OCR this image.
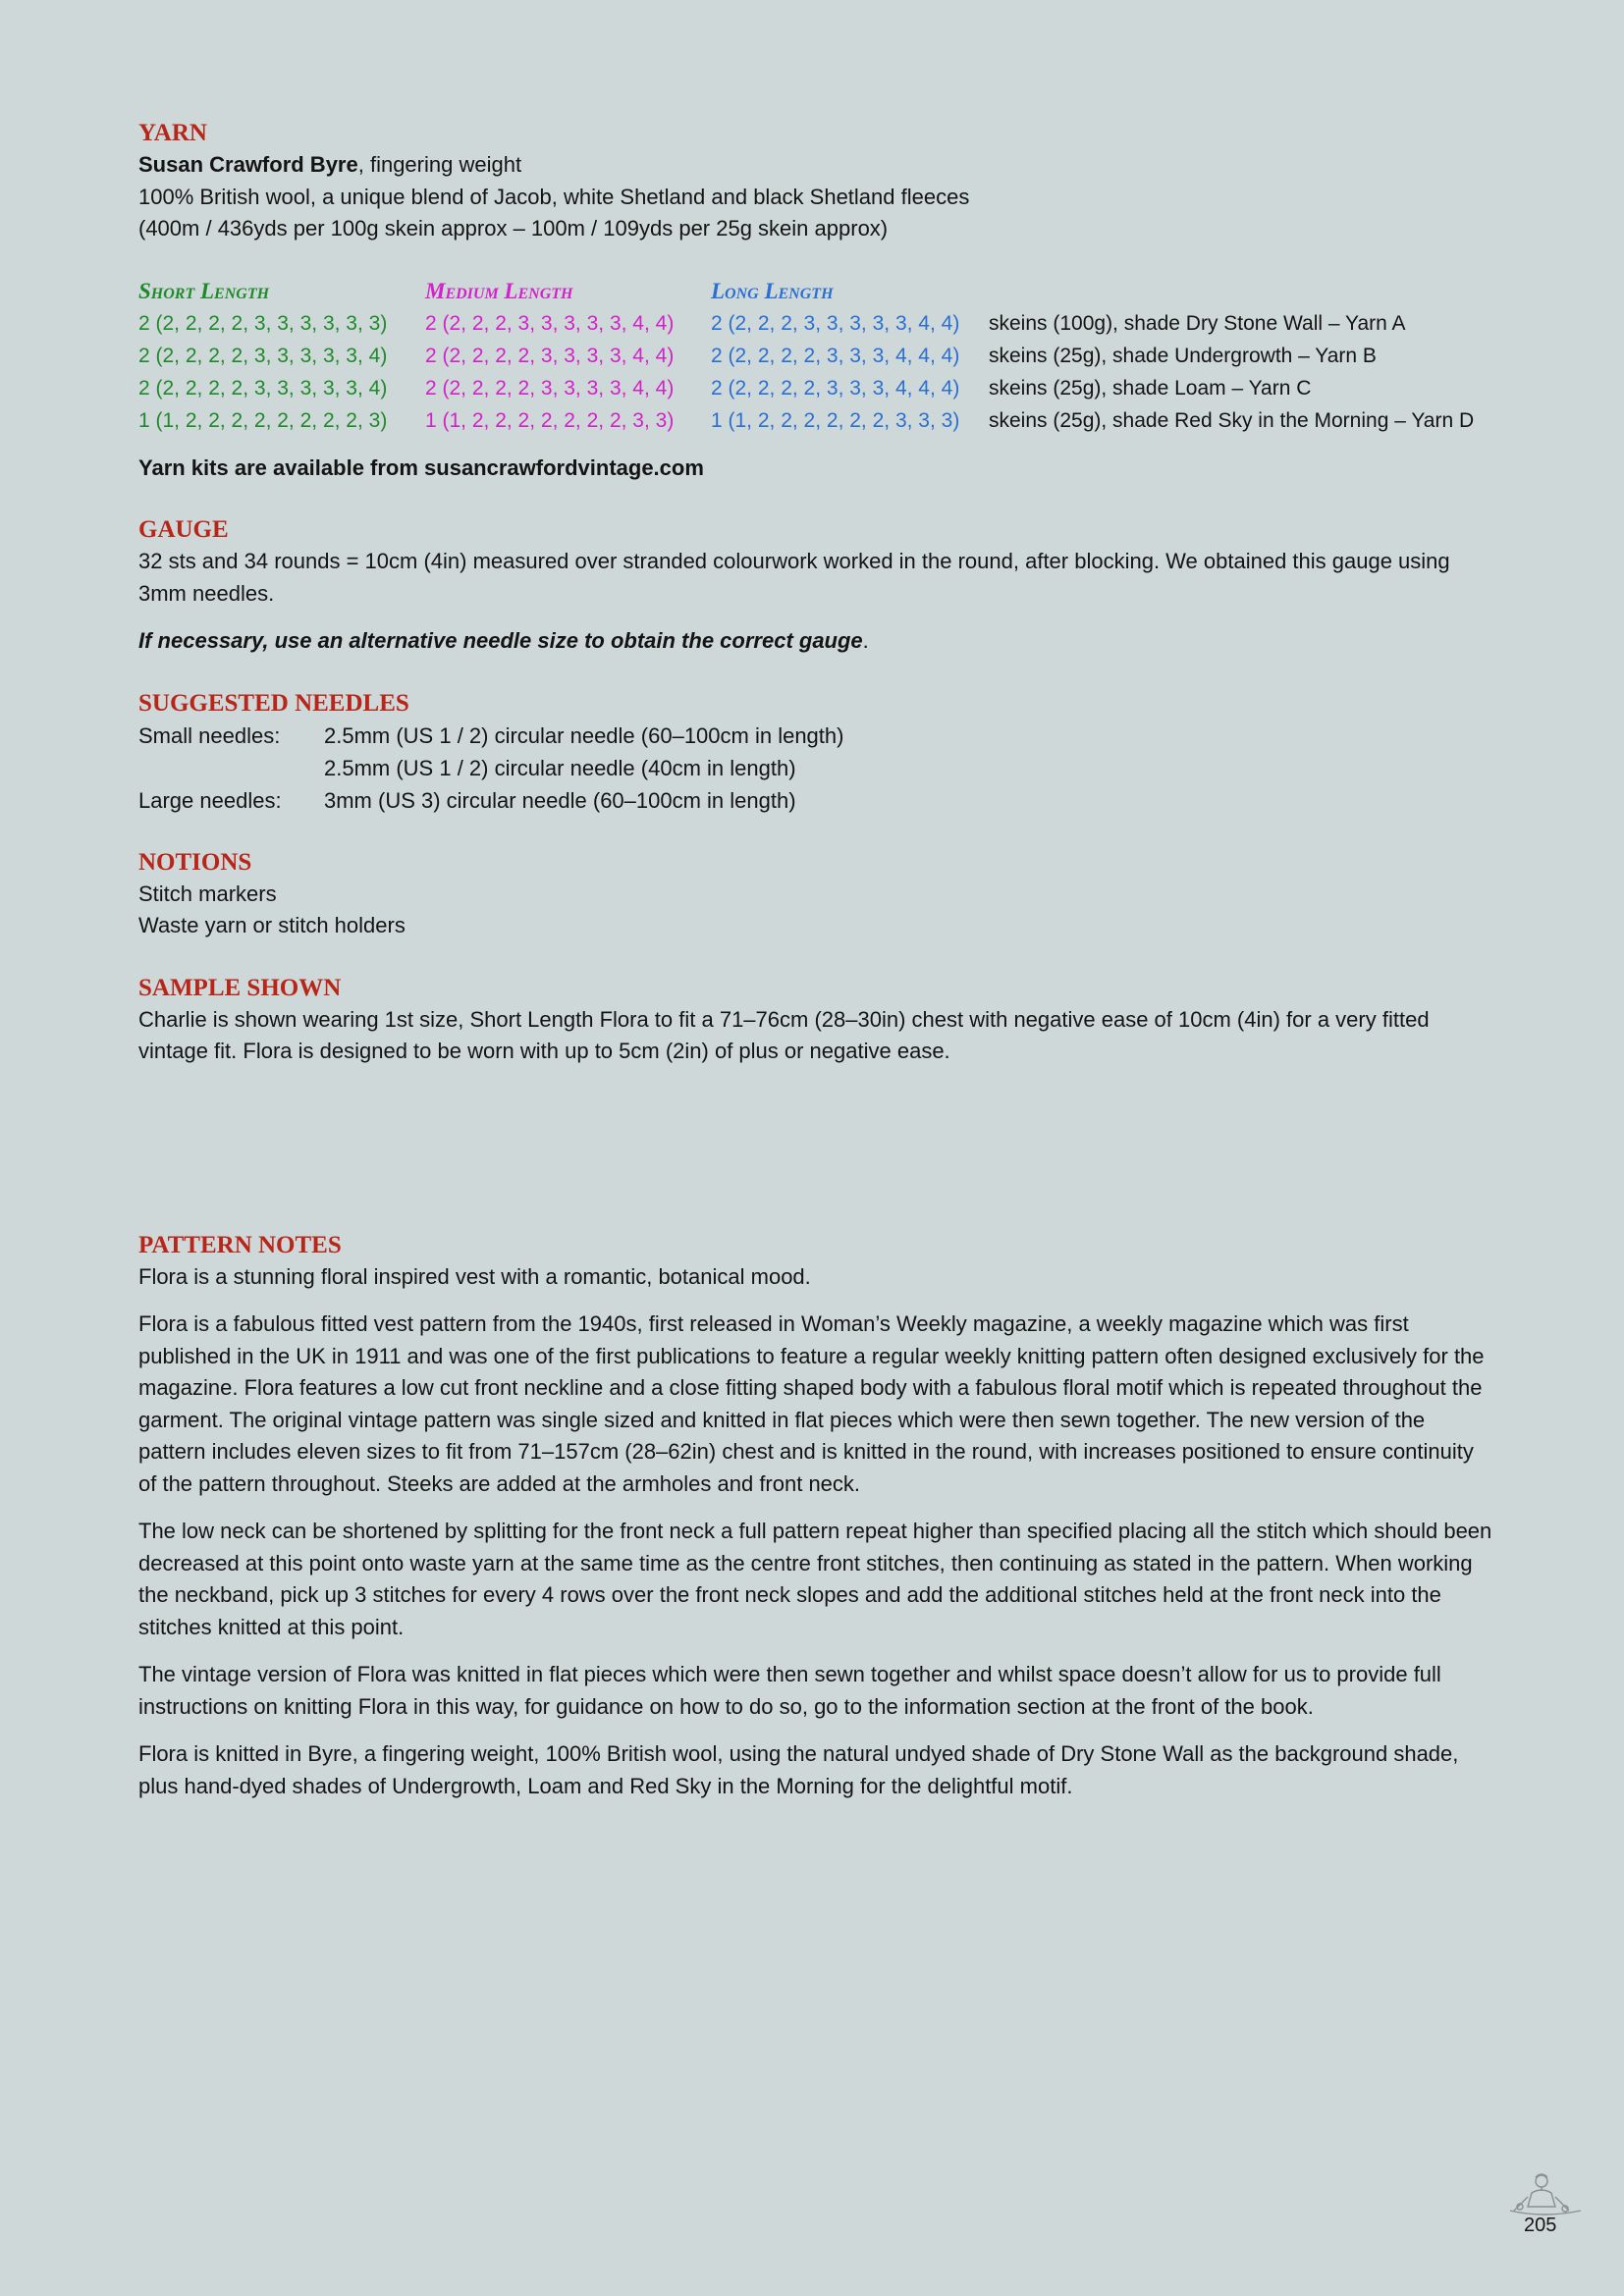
YARN

Susan Crawford Byre, fingering weight

100% British wool, a unique blend of Jacob, white Shetland and black Shetland fleeces

(400m / 436yds per 100g skein approx – 100m / 109yds per 25g skein approx)

Short Length	Medium Length	Long Length
2 (2, 2, 2, 2, 3, 3, 3, 3, 3, 3)	2 (2, 2, 2, 3, 3, 3, 3, 3, 4, 4)	2 (2, 2, 2, 3, 3, 3, 3, 3, 4, 4)	skeins (100g), shade Dry Stone Wall – Yarn A
2 (2, 2, 2, 2, 3, 3, 3, 3, 3, 4)	2 (2, 2, 2, 2, 3, 3, 3, 3, 4, 4)	2 (2, 2, 2, 2, 3, 3, 3, 4, 4, 4)	skeins (25g), shade Undergrowth – Yarn B
2 (2, 2, 2, 2, 3, 3, 3, 3, 3, 4)	2 (2, 2, 2, 2, 3, 3, 3, 3, 4, 4)	2 (2, 2, 2, 2, 3, 3, 3, 4, 4, 4)	skeins (25g), shade Loam – Yarn C
1 (1, 2, 2, 2, 2, 2, 2, 2, 2, 3)	1 (1, 2, 2, 2, 2, 2, 2, 2, 3, 3)	1 (1, 2, 2, 2, 2, 2, 2, 3, 3, 3)	skeins (25g), shade Red Sky in the Morning – Yarn D

Yarn kits are available from susancrawfordvintage.com

GAUGE

32 sts and 34 rounds = 10cm (4in) measured over stranded colourwork worked in the round, after blocking. We obtained this gauge using 3mm needles.

If necessary, use an alternative needle size to obtain the correct gauge.

SUGGESTED NEEDLES
Small needles:	2.5mm (US 1 / 2) circular needle (60–100cm in length)
2.5mm (US 1 / 2) circular needle (40cm in length)
Large needles:	3mm (US 3) circular needle (60–100cm in length)
NOTIONS

Stitch markers

Waste yarn or stitch holders

SAMPLE SHOWN

Charlie is shown wearing 1st size, Short Length Flora to fit a 71–76cm (28–30in) chest with negative ease of 10cm (4in) for a very fitted vintage fit. Flora is designed to be worn with up to 5cm (2in) of plus or negative ease.

PATTERN NOTES

Flora is a stunning floral inspired vest with a romantic, botanical mood.

Flora is a fabulous fitted vest pattern from the 1940s, first released in Woman’s Weekly magazine, a weekly magazine which was first published in the UK in 1911 and was one of the first publications to feature a regular weekly knitting pattern often designed exclusively for the magazine. Flora features a low cut front neckline and a close fitting shaped body with a fabulous floral motif which is repeated throughout the garment. The original vintage pattern was single sized and knitted in flat pieces which were then sewn together. The new version of the pattern includes eleven sizes to fit from 71–157cm (28–62in) chest and is knitted in the round, with increases positioned to ensure continuity of the pattern throughout. Steeks are added at the armholes and front neck.

The low neck can be shortened by splitting for the front neck a full pattern repeat higher than specified placing all the stitch which should been decreased at this point onto waste yarn at the same time as the centre front stitches, then continuing as stated in the pattern. When working the neckband, pick up 3 stitches for every 4 rows over the front neck slopes and add the additional stitches held at the front neck into the stitches knitted at this point.

The vintage version of Flora was knitted in flat pieces which were then sewn together and whilst space doesn’t allow for us to provide full instructions on knitting Flora in this way, for guidance on how to do so, go to the information section at the front of the book.

Flora is knitted in Byre, a fingering weight, 100% British wool, using the natural undyed shade of Dry Stone Wall as the background shade, plus hand-dyed shades of Undergrowth, Loam and Red Sky in the Morning for the delightful motif.

205
